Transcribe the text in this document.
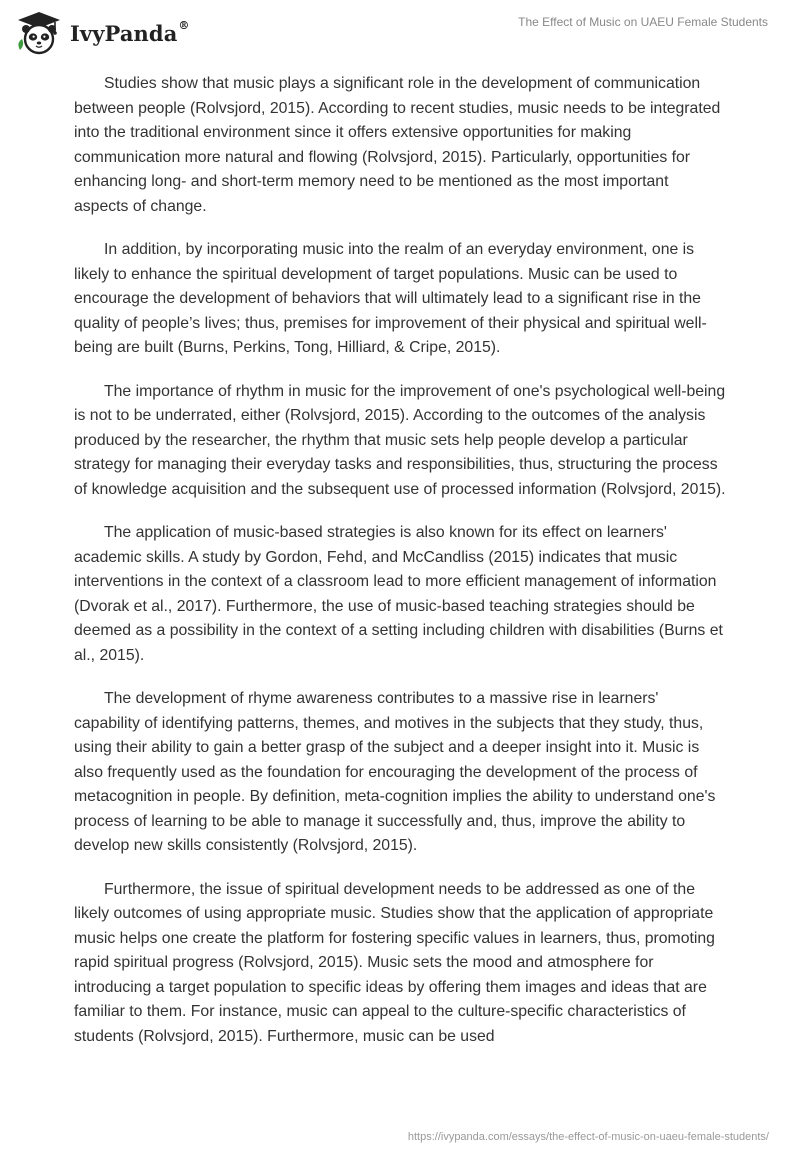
IvyPanda®	The Effect of Music on UAEU Female Students

Studies show that music plays a significant role in the development of communication between people (Rolvsjord, 2015). According to recent studies, music needs to be integrated into the traditional environment since it offers extensive opportunities for making communication more natural and flowing (Rolvsjord, 2015). Particularly, opportunities for enhancing long- and short-term memory need to be mentioned as the most important aspects of change.

In addition, by incorporating music into the realm of an everyday environment, one is likely to enhance the spiritual development of target populations. Music can be used to encourage the development of behaviors that will ultimately lead to a significant rise in the quality of people’s lives; thus, premises for improvement of their physical and spiritual well-being are built (Burns, Perkins, Tong, Hilliard, & Cripe, 2015).

The importance of rhythm in music for the improvement of one's psychological well-being is not to be underrated, either (Rolvsjord, 2015). According to the outcomes of the analysis produced by the researcher, the rhythm that music sets help people develop a particular strategy for managing their everyday tasks and responsibilities, thus, structuring the process of knowledge acquisition and the subsequent use of processed information (Rolvsjord, 2015).

The application of music-based strategies is also known for its effect on learners' academic skills. A study by Gordon, Fehd, and McCandliss (2015) indicates that music interventions in the context of a classroom lead to more efficient management of information (Dvorak et al., 2017). Furthermore, the use of music-based teaching strategies should be deemed as a possibility in the context of a setting including children with disabilities (Burns et al., 2015).

The development of rhyme awareness contributes to a massive rise in learners' capability of identifying patterns, themes, and motives in the subjects that they study, thus, using their ability to gain a better grasp of the subject and a deeper insight into it. Music is also frequently used as the foundation for encouraging the development of the process of metacognition in people. By definition, meta-cognition implies the ability to understand one's process of learning to be able to manage it successfully and, thus, improve the ability to develop new skills consistently (Rolvsjord, 2015).

Furthermore, the issue of spiritual development needs to be addressed as one of the likely outcomes of using appropriate music. Studies show that the application of appropriate music helps one create the platform for fostering specific values in learners, thus, promoting rapid spiritual progress (Rolvsjord, 2015). Music sets the mood and atmosphere for introducing a target population to specific ideas by offering them images and ideas that are familiar to them. For instance, music can appeal to the culture-specific characteristics of students (Rolvsjord, 2015). Furthermore, music can be used

https://ivypanda.com/essays/the-effect-of-music-on-uaeu-female-students/
